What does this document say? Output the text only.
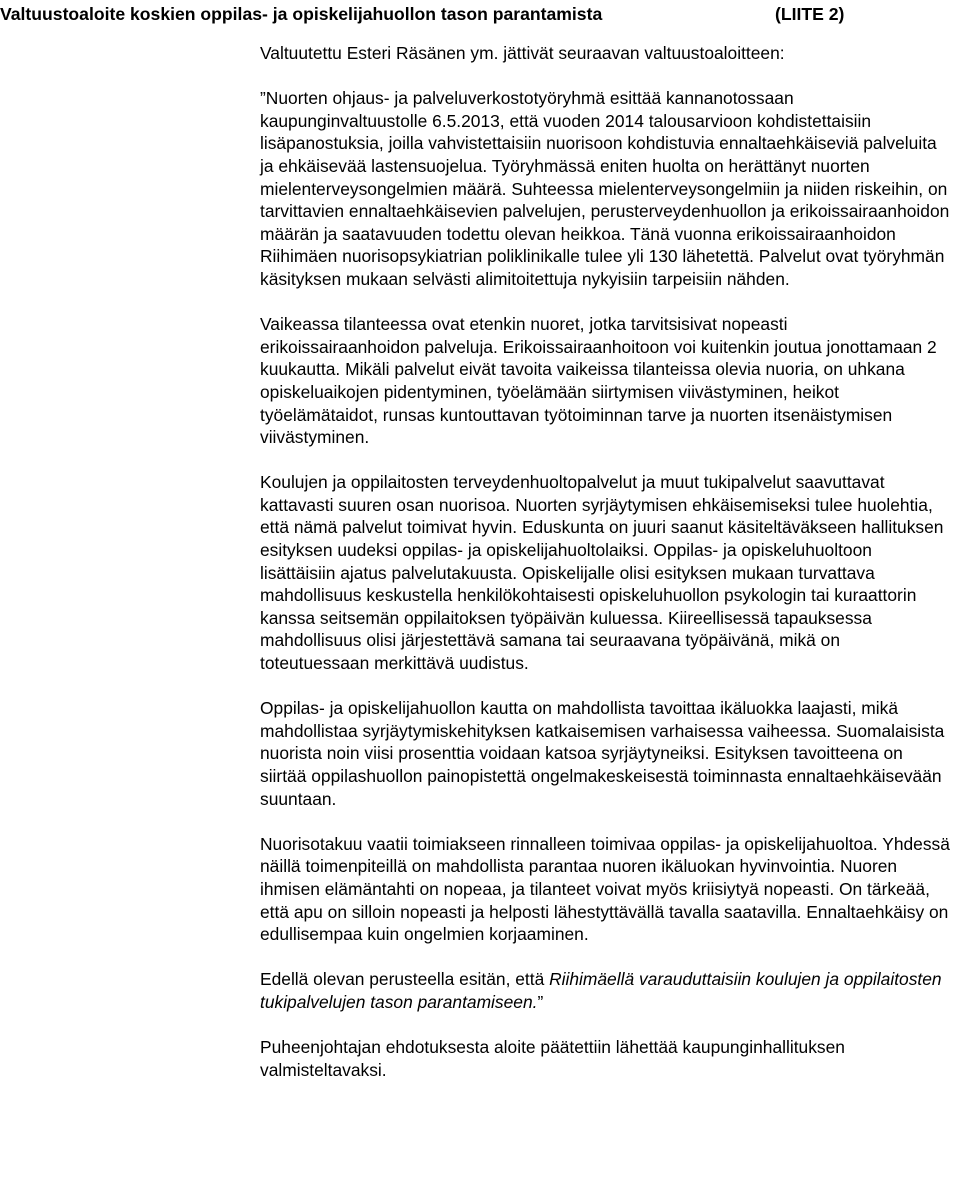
Valtuustoaloite koskien oppilas- ja opiskelijahuollon tason parantamista	(LIITE 2)

Valtuutettu Esteri Räsänen ym. jättivät seuraavan valtuustoaloitteen:

”Nuorten ohjaus- ja palveluverkostotyöryhmä esittää kannanotossaan kaupunginvaltuustolle 6.5.2013, että vuoden 2014 talousarvioon kohdistettaisiin lisäpanostuksia, joilla vahvistettaisiin nuorisoon kohdistuvia ennaltaehkäiseviä palveluita ja ehkäisevää lastensuojelua. Työryhmässä eniten huolta on herättänyt nuorten mielenterveysongelmien määrä. Suhteessa mielenterveysongelmiin ja niiden riskeihin, on tarvittavien ennaltaehkäisevien palvelujen, perusterveydenhuollon ja erikoissairaanhoidon määrän ja saatavuuden todettu olevan heikkoa. Tänä vuonna erikoissairaanhoidon Riihimäen nuorisopsykiatrian poliklinikalle tulee yli 130 lähetettä. Palvelut ovat työryhmän käsityksen mukaan selvästi alimitoitettuja nykyisiin tarpeisiin nähden.

Vaikeassa tilanteessa ovat etenkin nuoret, jotka tarvitsisivat nopeasti erikoissairaanhoidon palveluja. Erikoissairaanhoitoon voi kuitenkin joutua jonottamaan 2 kuukautta. Mikäli palvelut eivät tavoita vaikeissa tilanteissa olevia nuoria, on uhkana opiskeluaikojen pidentyminen, työelämään siirtymisen viivästyminen, heikot työelämätaidot, runsas kuntouttavan työtoiminnan tarve ja nuorten itsenäistymisen viivästyminen.

Koulujen ja oppilaitosten terveydenhuoltopalvelut ja muut tukipalvelut saavuttavat kattavasti suuren osan nuorisoa. Nuorten syrjäytymisen ehkäisemiseksi tulee huolehtia, että nämä palvelut toimivat hyvin. Eduskunta on juuri saanut käsiteltäväkseen hallituksen esityksen uudeksi oppilas- ja opiskelijahuoltolaiksi. Oppilas- ja opiskeluhuoltoon lisättäisiin ajatus palvelutakuusta. Opiskelijalle olisi esityksen mukaan turvattava mahdollisuus keskustella henkilökohtaisesti opiskeluhuollon psykologin tai kuraattorin kanssa seitsemän oppilaitoksen työpäivän kuluessa. Kiireellisessä tapauksessa mahdollisuus olisi järjestettävä samana tai seuraavana työpäivänä, mikä on toteutuessaan merkittävä uudistus.

Oppilas- ja opiskelijahuollon kautta on mahdollista tavoittaa ikäluokka laajasti, mikä mahdollistaa syrjäytymiskehityksen katkaisemisen varhaisessa vaiheessa. Suomalaisista nuorista noin viisi prosenttia voidaan katsoa syrjäytyneiksi. Esityksen tavoitteena on siirtää oppilashuollon painopistettä ongelmakeskeisestä toiminnasta ennaltaehkäisevään suuntaan.

Nuorisotakuu vaatii toimiakseen rinnalleen toimivaa oppilas- ja opiskelijahuoltoa. Yhdessä näillä toimenpiteillä on mahdollista parantaa nuoren ikäluokan hyvinvointia. Nuoren ihmisen elämäntahti on nopeaa, ja tilanteet voivat myös kriisiytyä nopeasti. On tärkeää, että apu on silloin nopeasti ja helposti lähestyttävällä tavalla saatavilla. Ennaltaehkäisy on edullisempaa kuin ongelmien korjaaminen.

Edellä olevan perusteella esitän, että Riihimäellä varauduttaisiin koulujen ja oppilaitosten tukipalvelujen tason parantamiseen.”

Puheenjohtajan ehdotuksesta aloite päätettiin lähettää kaupunginhallituksen valmisteltavaksi.
